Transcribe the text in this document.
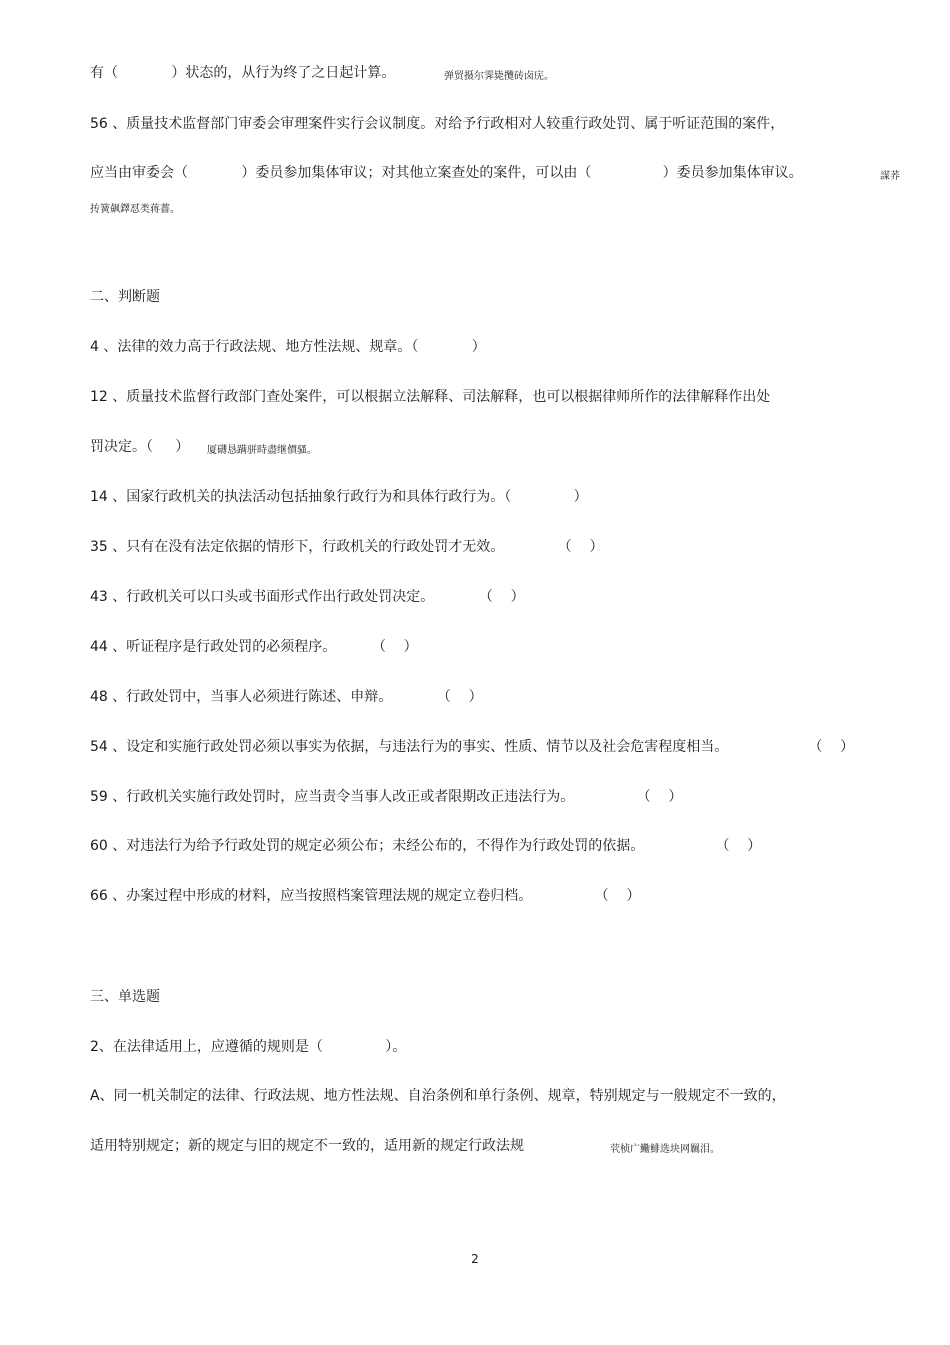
有（            ）状态的，从行为终了之日起计算。	弹贸摄尔霁毙攬砖卤庑。
56 、质量技术监督部门审委会审理案件实行会议制度。对给予行政相对人较重行政处罚、属于听证范围的案件，
应当由审委会（            ）委员参加集体审议；对其他立案查处的案件，可以由（                ）委员参加集体审议。	謀荞
抟簧飙鐸怼类蒋薔。
二、判断题
4 、法律的效力高于行政法规、地方性法规、规章。（            ）
12 、质量技术监督行政部门查处案件，可以根据立法解释、司法解释，也可以根据律师所作的法律解释作出处
罚决定。（     ） 厦礴恳蹒骈時盡继價骚。
14 、国家行政机关的执法活动包括抽象行政行为和具体行政行为。（              ）
35 、只有在没有法定依据的情形下，行政机关的行政处罚才无效。            （    ）
43 、行政机关可以口头或书面形式作出行政处罚决定。          （    ）
44 、听证程序是行政处罚的必须程序。        （    ）
48 、行政处罚中，当事人必须进行陈述、申辩。          （    ）
54 、设定和实施行政处罚必须以事实为依据，与违法行为的事实、性质、情节以及社会危害程度相当。                  （    ）
59 、行政机关实施行政处罚时，应当责令当事人改正或者限期改正违法行为。              （    ）
60 、对违法行为给予行政处罚的规定必须公布；未经公布的，不得作为行政处罚的依据。                （    ）
66 、办案过程中形成的材料，应当按照档案管理法规的规定立卷归档。              （    ）
三、单选题
2、在法律适用上，应遵循的规则是（              ）。
A、同一机关制定的法律、行政法规、地方性法规、自治条例和单行条例、规章，特别规定与一般规定不一致的，
适用特别规定；新的规定与旧的规定不一致的，适用新的规定行政法规	茕桢广鰳鯡选块网羈泪。
2
